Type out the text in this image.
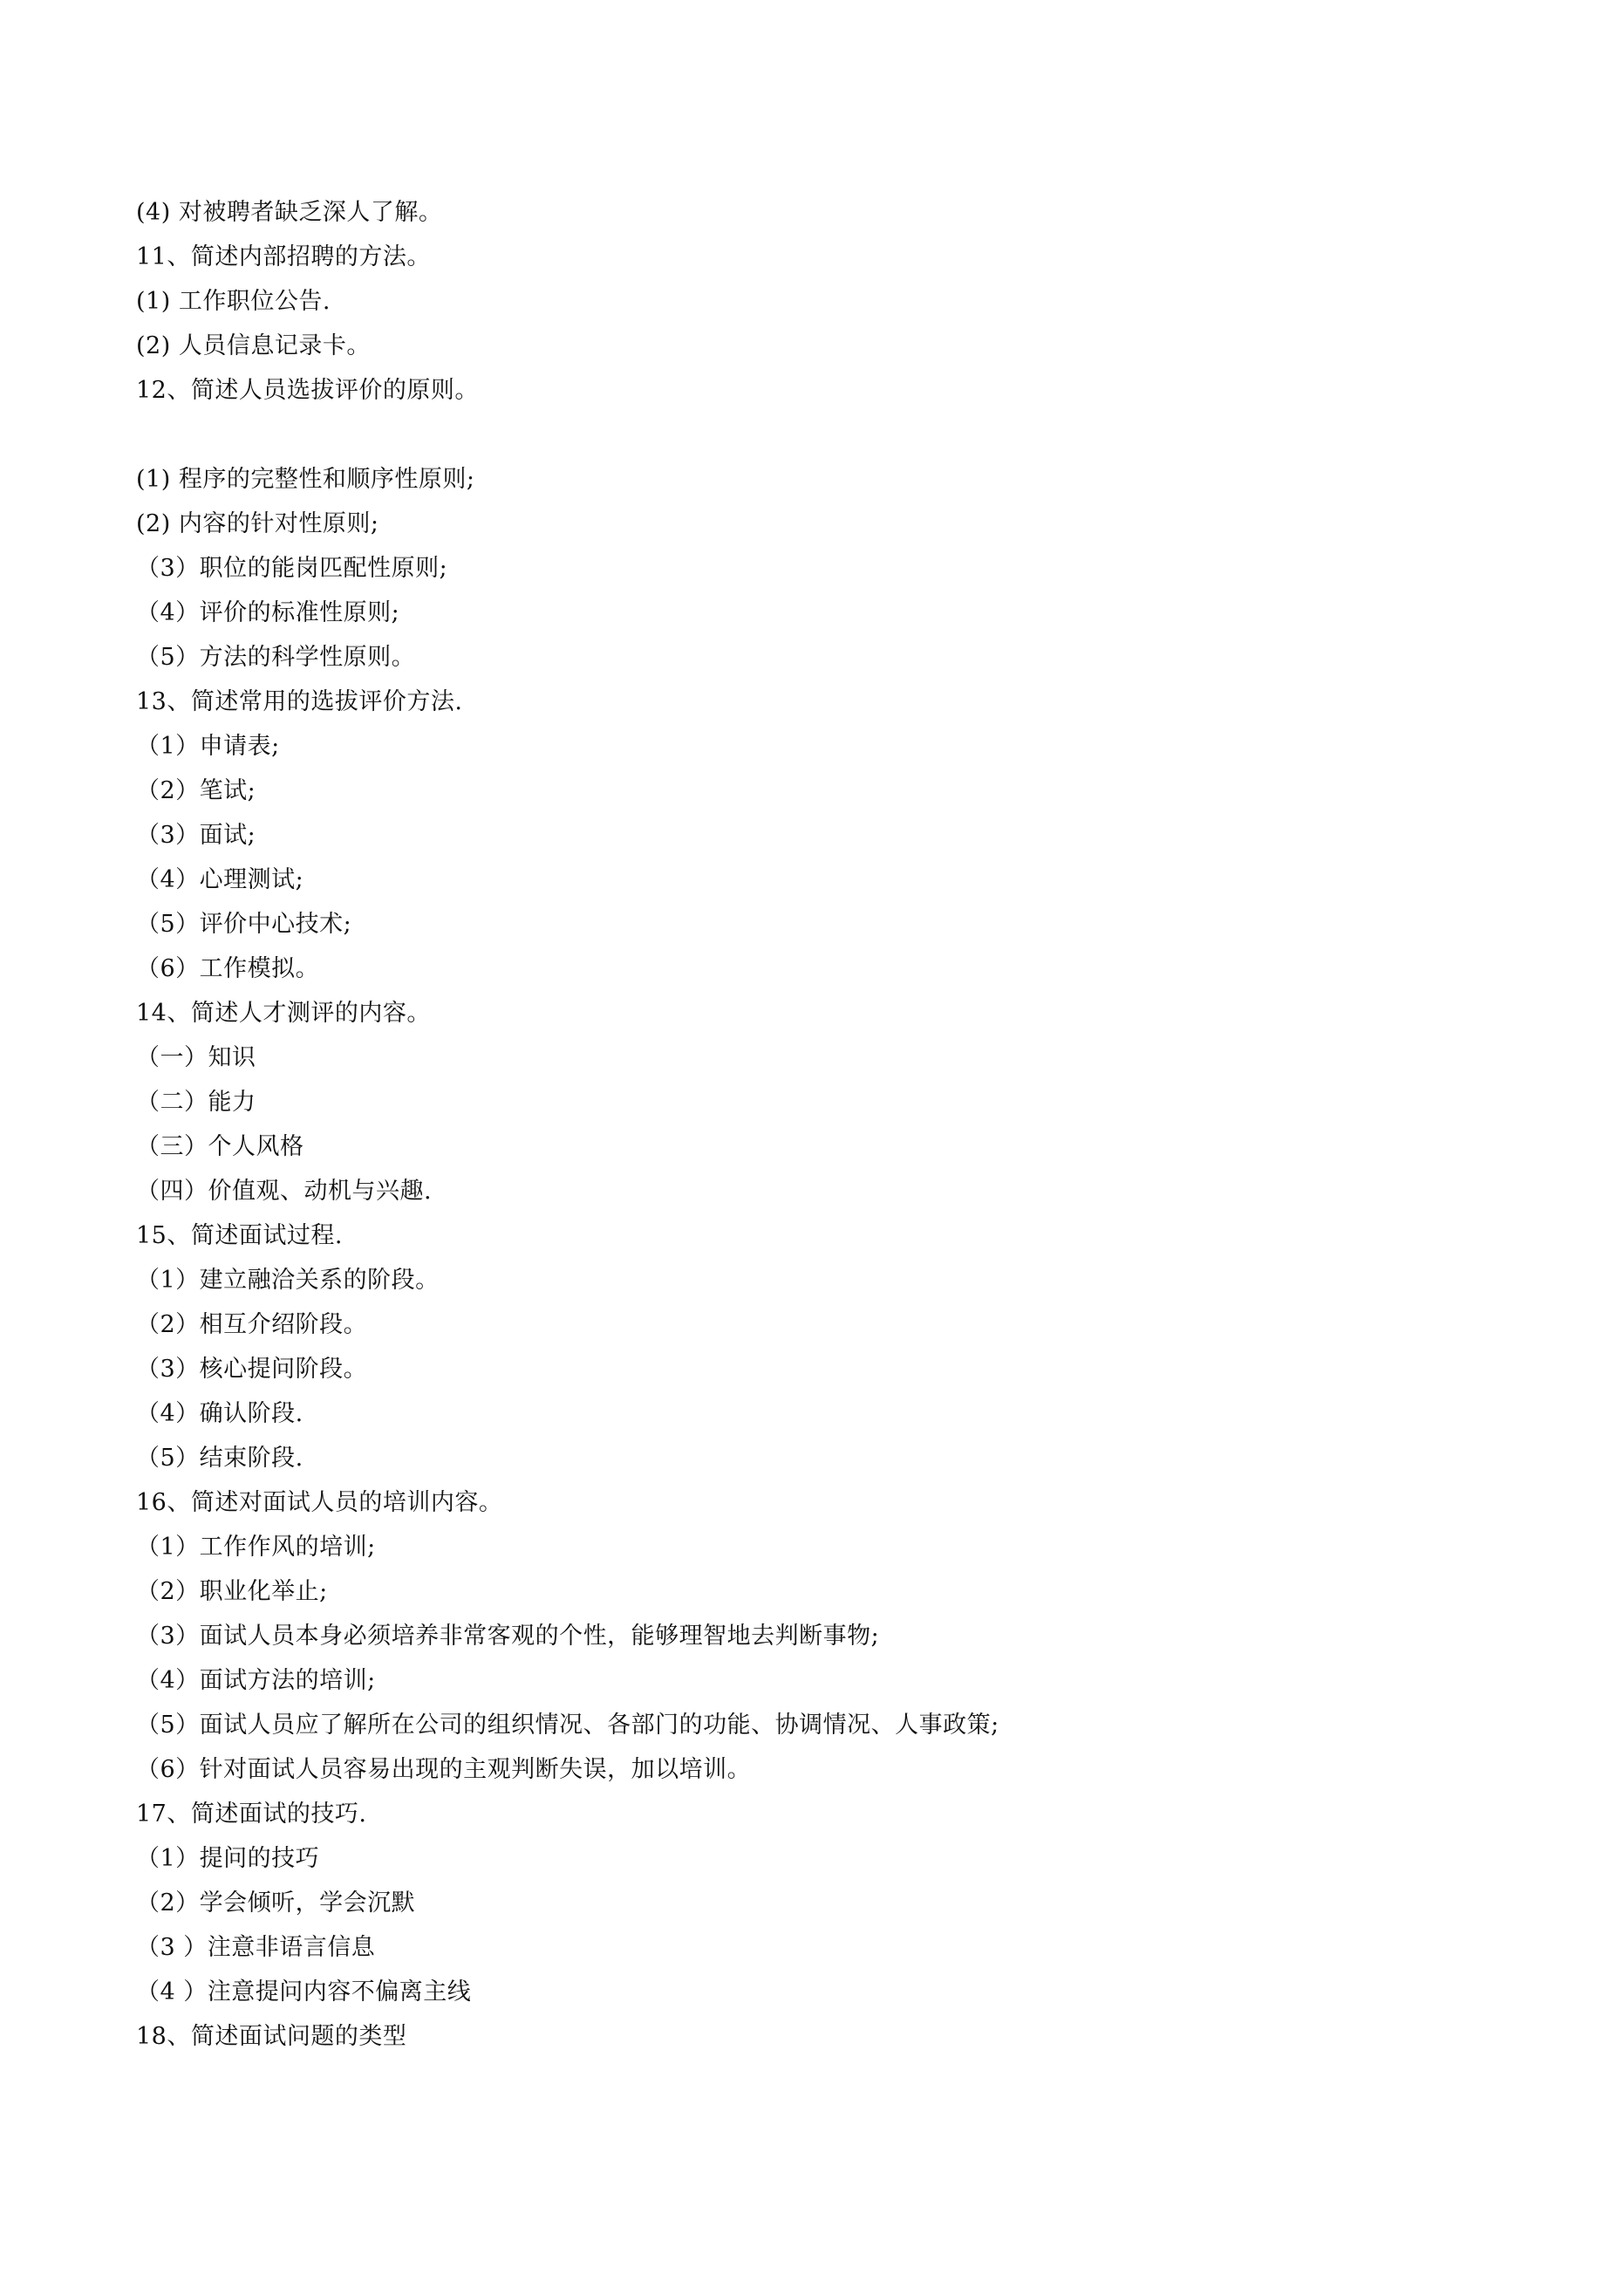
(4) 对被聘者缺乏深人了解。
11、简述内部招聘的方法。
(1) 工作职位公告.
(2) 人员信息记录卡。
12、简述人员选拔评价的原则。
(1) 程序的完整性和顺序性原则;
(2) 内容的针对性原则;
（3）职位的能岗匹配性原则;
（4）评价的标准性原则;
（5）方法的科学性原则。
13、简述常用的选拔评价方法.
（1）申请表;
（2）笔试;
（3）面试;
（4）心理测试;
（5）评价中心技术;
（6）工作模拟。
14、简述人才测评的内容。
（一）知识
（二）能力
（三）个人风格
（四）价值观、动机与兴趣.
15、简述面试过程.
（1）建立融洽关系的阶段。
（2）相互介绍阶段。
（3）核心提问阶段。
（4）确认阶段.
（5）结束阶段.
16、简述对面试人员的培训内容。
（1）工作作风的培训;
（2）职业化举止;
（3）面试人员本身必须培养非常客观的个性，能够理智地去判断事物;
（4）面试方法的培训;
（5）面试人员应了解所在公司的组织情况、各部门的功能、协调情况、人事政策;
（6）针对面试人员容易出现的主观判断失误，加以培训。
17、简述面试的技巧.
（1）提问的技巧
（2）学会倾听，学会沉默
（3 ）注意非语言信息
（4 ）注意提问内容不偏离主线
18、简述面试问题的类型
